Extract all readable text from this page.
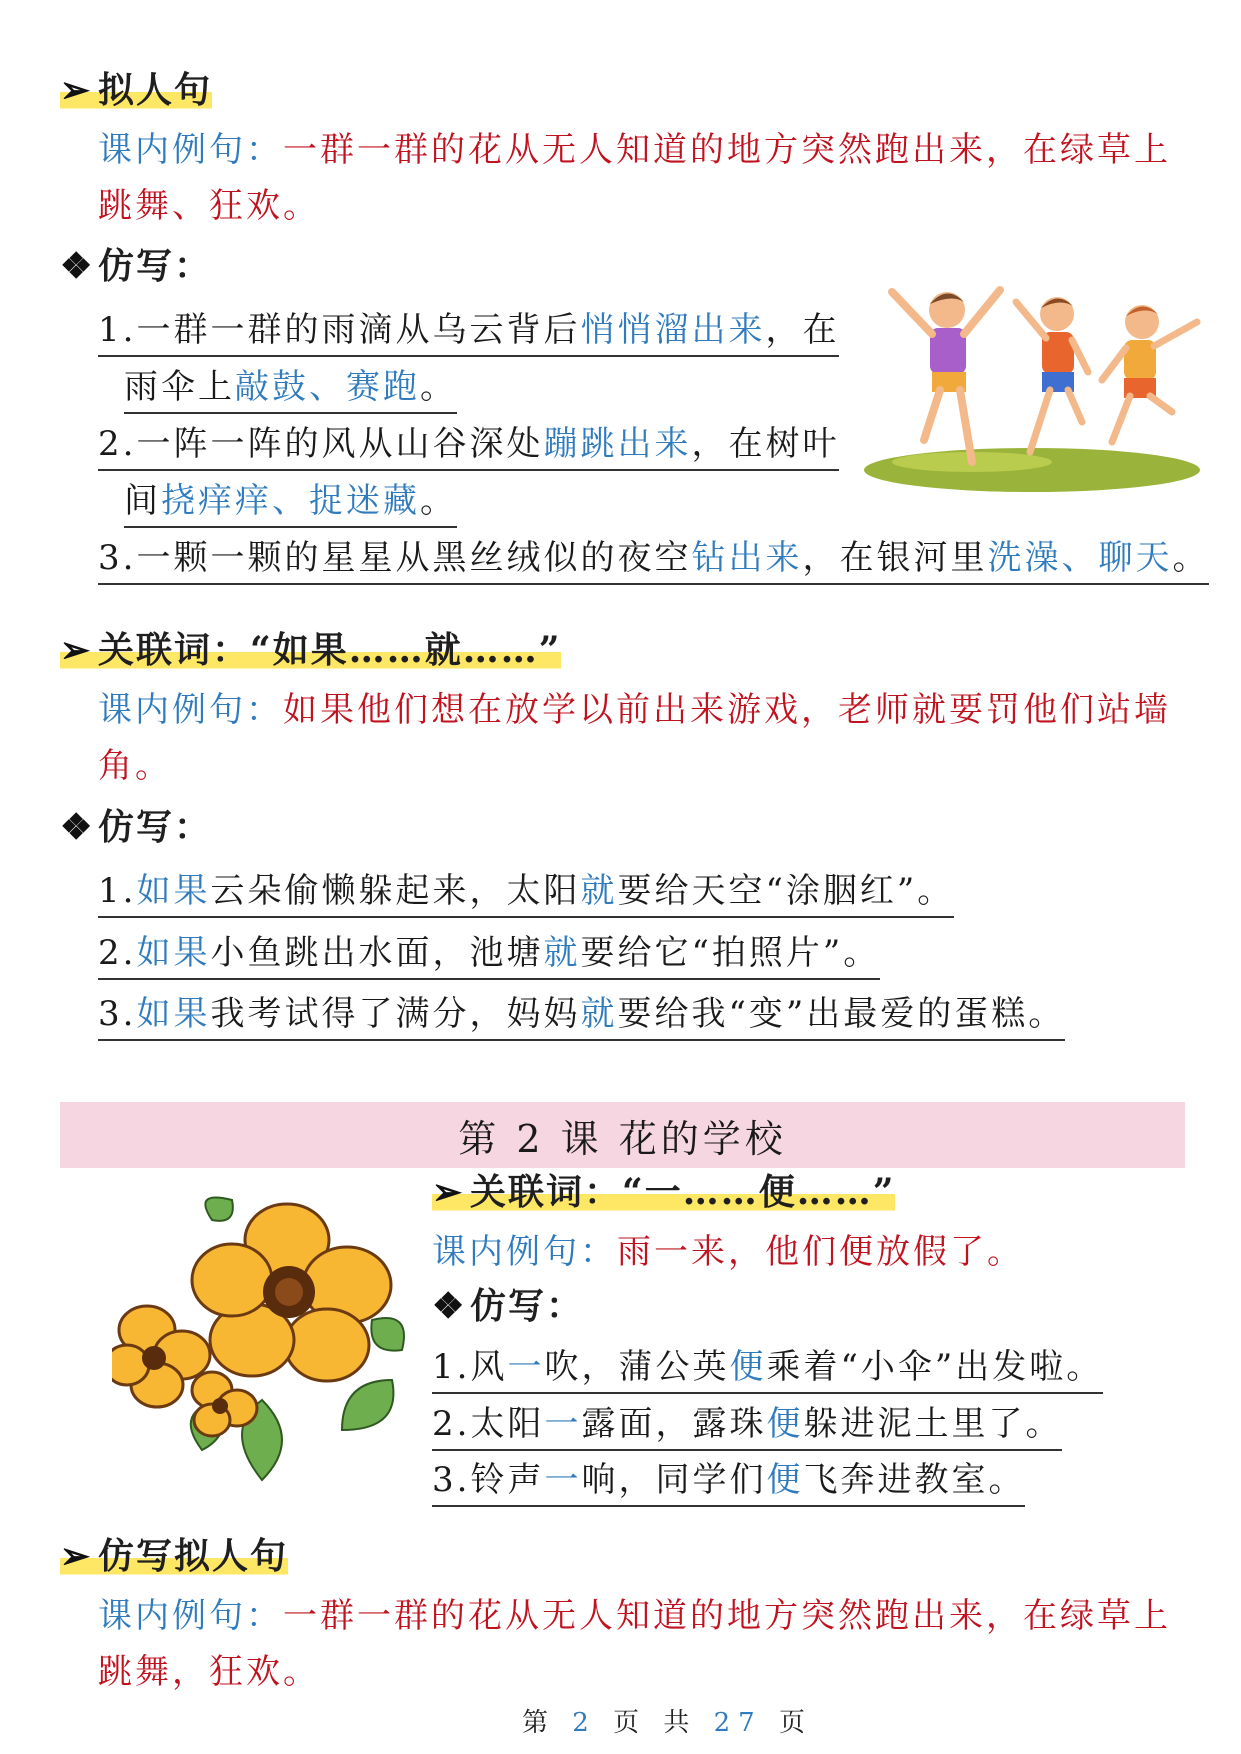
➢ 拟人句
课内例句：一群一群的花从无人知道的地方突然跑出来，在绿草上跳舞、狂欢。
❖ 仿写：
1.一群一群的雨滴从乌云背后悄悄溜出来，在
雨伞上敲鼓、赛跑。
2.一阵一阵的风从山谷深处蹦跳出来，在树叶
间挠痒痒、捉迷藏。
3.一颗一颗的星星从黑丝绒似的夜空钻出来，在银河里洗澡、聊天。
➢ 关联词：“如果……就……”
课内例句：如果他们想在放学以前出来游戏，老师就要罚他们站墙角。
❖ 仿写：
1.如果云朵偷懒躲起来，太阳就要给天空“涂胭红”。
2.如果小鱼跳出水面，池塘就要给它“拍照片”。
3.如果我考试得了满分，妈妈就要给我“变”出最爱的蛋糕。
第 2 课 花的学校
➢ 关联词：“一……便……”
课内例句：雨一来，他们便放假了。
❖ 仿写：
1.风一吹，蒲公英便乘着“小伞”出发啦。
2.太阳一露面，露珠便躲进泥土里了。
3.铃声一响，同学们便飞奔进教室。
➢ 仿写拟人句
课内例句：一群一群的花从无人知道的地方突然跑出来，在绿草上跳舞，狂欢。
第 2 页 共 27 页
